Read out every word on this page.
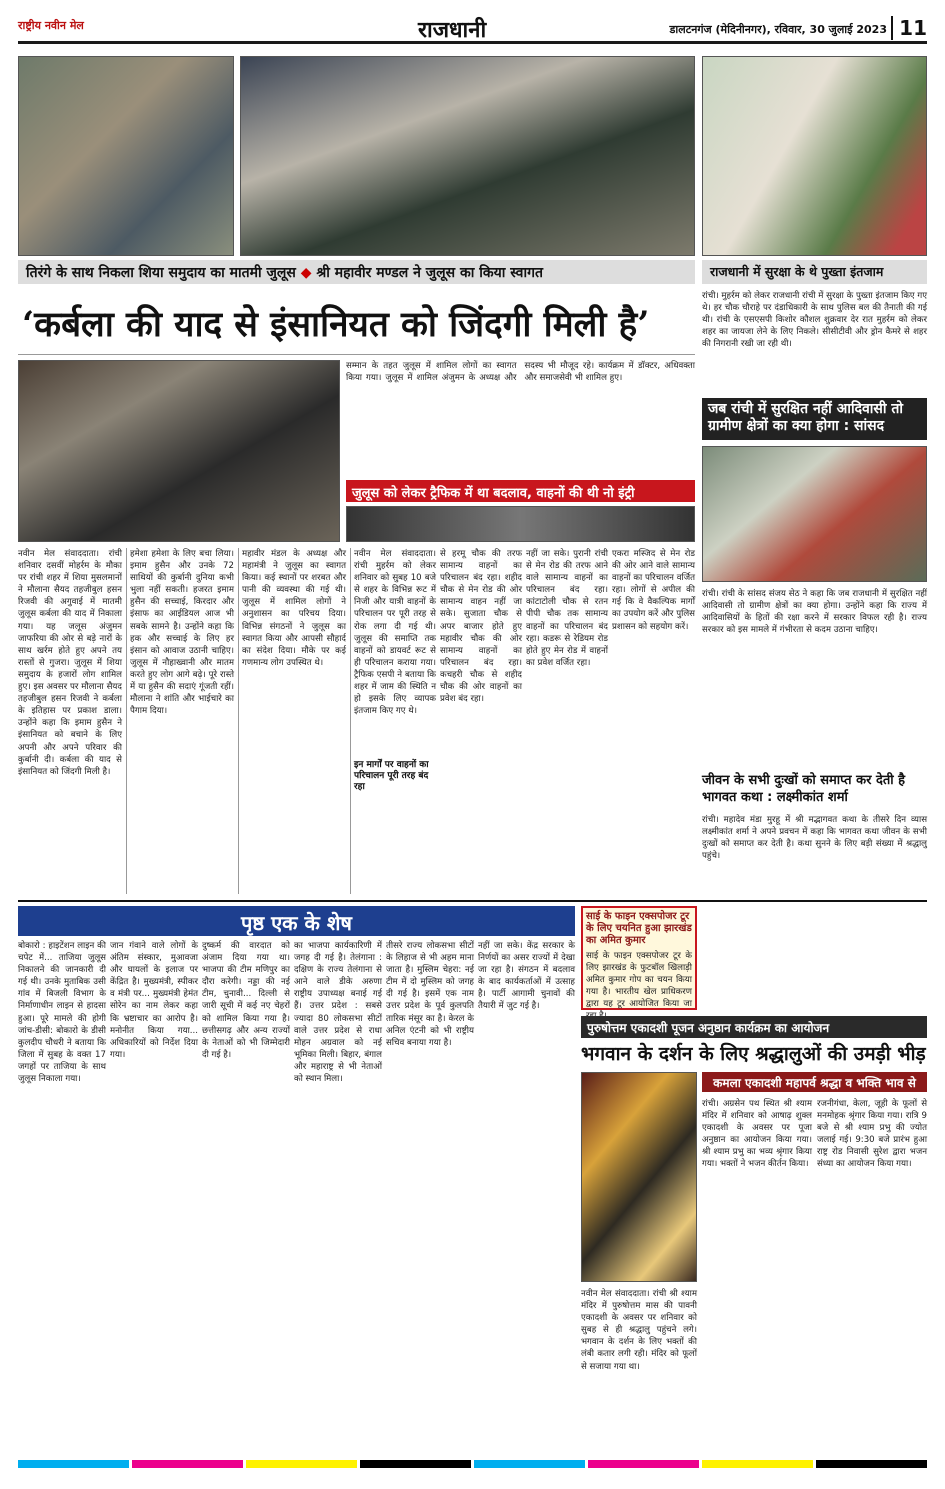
राष्ट्रीय नवीन मेल	राजधानी	डालटनगंज (मेदिनीनगर), रविवार, 30 जुलाई 2023 11
तिरंगे के साथ निकला शिया समुदाय का मातमी जुलूस ◆ श्री महावीर मण्डल ने जुलूस का किया स्वागत	राजधानी में सुरक्षा के थे पुख्ता इंतजाम
रांची। मुहर्रम को लेकर राजधानी रांची में सुरक्षा के पुख्ता इंतजाम किए गए थे। हर चौक चौराहे पर दंडाधिकारी के साथ पुलिस बल की तैनाती की गई थी। रांची के एसएसपी किशोर कौशल शुक्रवार देर रात मुहर्रम को लेकर शहर का जायजा लेने के लिए निकले। सीसीटीवी और ड्रोन कैमरे से शहर की निगरानी रखी जा रही थी।
जब रांची में सुरक्षित नहीं आदिवासी तो ग्रामीण क्षेत्रों का क्या होगा : सांसद
रांची। रांची के सांसद संजय सेठ ने कहा कि जब राजधानी में सुरक्षित नहीं आदिवासी तो ग्रामीण क्षेत्रों का क्या होगा। उन्होंने कहा कि राज्य में आदिवासियों के हितों की रक्षा करने में सरकार विफल रही है। राज्य सरकार को इस मामले में गंभीरता से कदम उठाना चाहिए।
जीवन के सभी दुःखों को समाप्त कर देती है भागवत कथा : लक्ष्मीकांत शर्मा
रांची। महादेव मंडा मुरहू में श्री मद्भागवत कथा के तीसरे दिन व्यास लक्ष्मीकांत शर्मा ने अपने प्रवचन में कहा कि भागवत कथा जीवन के सभी दुःखों को समाप्त कर देती है। कथा सुनने के लिए बड़ी संख्या में श्रद्धालु पहुंचे।
‘कर्बला की याद से इंसानियत को जिंदगी मिली है’
सम्मान के तहत जुलूस में शामिल लोगों का स्वागत किया गया। जुलूस में शामिल अंजुमन के अध्यक्ष और सदस्य भी मौजूद रहे। कार्यक्रम में डॉक्टर, अधिवक्ता और समाजसेवी भी शामिल हुए।
जुलूस को लेकर ट्रैफिक में था बदलाव, वाहनों की थी नो इंट्री
नवीन मेल संवाददाता। रांची शनिवार दसवीं मोहर्रम के मौका पर रांची शहर में शिया मुसलमानों ने मौलाना सैयद तहजीबुल हसन रिजवी की अगुवाई में मातमी जुलूस कर्बला की याद में निकाला गया। यह जलूस अंजुमन जाफरिया की ओर से बड़े नारों के साथ खर्रम होते हुए अपने तय रास्तों से गुजरा। जुलूस में शिया समुदाय के हजारों लोग शामिल हुए। इस अवसर पर मौलाना सैयद तहजीबुल हसन रिजवी ने कर्बला के इतिहास पर प्रकाश डाला। उन्होंने कहा कि इमाम हुसैन ने इंसानियत को बचाने के लिए अपनी और अपने परिवार की कुर्बानी दी। कर्बला की याद से इंसानियत को जिंदगी मिली है।
हमेशा हमेशा के लिए बचा लिया। इमाम हुसैन और उनके 72 साथियों की कुर्बानी दुनिया कभी भुला नहीं सकती। हजरत इमाम हुसैन की सच्चाई, किरदार और इंसाफ का आईडियल आज भी सबके सामने है। उन्होंने कहा कि हक और सच्चाई के लिए हर इंसान को आवाज उठानी चाहिए। जुलूस में नौहाख्वानी और मातम करते हुए लोग आगे बढ़े। पूरे रास्ते में या हुसैन की सदाएं गूंजती रहीं। मौलाना ने शांति और भाईचारे का पैगाम दिया।
महावीर मंडल के अध्यक्ष और महामंत्री ने जुलूस का स्वागत किया। कई स्थानों पर शरबत और पानी की व्यवस्था की गई थी। जुलूस में शामिल लोगों ने अनुशासन का परिचय दिया। विभिन्न संगठनों ने जुलूस का स्वागत किया और आपसी सौहार्द का संदेश दिया। मौके पर कई गणमान्य लोग उपस्थित थे।
नवीन मेल संवाददाता। रांची मुहर्रम को लेकर शनिवार को सुबह 10 बजे से शहर के विभिन्न रूट में निजी और यात्री वाहनों के परिचालन पर पूरी तरह से रोक लगा दी गई थी। जुलूस की समाप्ति तक वाहनों को डायवर्ट रूट से ही परिचालन कराया गया। ट्रैफिक एसपी ने बताया कि शहर में जाम की स्थिति न हो इसके लिए व्यापक इंतजाम किए गए थे।
इन मार्गों पर वाहनों का परिचालन पूरी तरह बंद रहा
से हरमू चौक की तरफ सामान्य वाहनों का परिचालन बंद रहा। शहीद चौक से मेन रोड की ओर सामान्य वाहन नहीं जा सके। सुजाता चौक से अपर बाजार होते हुए महावीर चौक की ओर सामान्य वाहनों का परिचालन बंद रहा। कचहरी चौक से शहीद चौक की ओर वाहनों का प्रवेश बंद रहा।
नहीं जा सके। पुरानी रांची से मेन रोड की तरफ आने वाले सामान्य वाहनों का परिचालन बंद रहा। कांटाटोली चौक से रतन पीपी चौक तक सामान्य वाहनों का परिचालन बंद रहा। कडरू से रेडियम रोड होते हुए मेन रोड में वाहनों का प्रवेश वर्जित रहा।
एकरा मस्जिद से मेन रोड की ओर आने वाले सामान्य वाहनों का परिचालन वर्जित रहा। लोगों से अपील की गई कि वे वैकल्पिक मार्गों का उपयोग करें और पुलिस प्रशासन को सहयोग करें।
पृष्ठ एक के शेष
बोकारो : हाइटेंशन लाइन की चपेट में... ताजिया जुलूस निकालने की जानकारी दी गई थी। उनके मुताबिक उसी गांव में बिजली विभाग के निर्माणाधीन लाइन से हादसा हुआ। पूरे मामले की होगी जांच-डीसी: बोकारो के डीसी कुलदीप चौधरी ने बताया कि जिला में सुबह के वक्त 17 जगहों पर ताजिया के साथ जुलूस निकाला गया।
जान गंवाने वाले लोगों के अंतिम संस्कार, मुआवजा और घायलों के इलाज पर केंद्रित है। मुख्यमंत्री, स्पीकर व मंत्री पर... मुख्यमंत्री हेमंत सोरेन का नाम लेकर कहा कि भ्रष्टाचार का आरोप है। मनोनीत किया गया... अधिकारियों को निर्देश दिया गया।
दुष्कर्म की वारदात को अंजाम दिया गया था। भाजपा की टीम मणिपुर का दौरा करेगी। नड्डा की नई टीम, चुनावी... दिल्ली से जारी सूची में कई नए चेहरों को शामिल किया गया है। छत्तीसगढ़ और अन्य राज्यों के नेताओं को भी जिम्मेदारी दी गई है।
का भाजपा कार्यकारिणी में जगह दी गई है। तेलंगाना : दक्षिण के राज्य तेलंगाना से आने वाले डीके अरुणा राष्ट्रीय उपाध्यक्ष बनाई गई हैं। उत्तर प्रदेश : सबसे ज्यादा 80 लोकसभा सीटों वाले उत्तर प्रदेश से राधा मोहन अग्रवाल को नई भूमिका मिली। बिहार, बंगाल और महाराष्ट्र से भी नेताओं को स्थान मिला।
तीसरे राज्य लोकसभा सीटों के लिहाज से भी अहम माना जाता है। मुस्लिम चेहरा: नई टीम में दो मुस्लिम को जगह दी गई है। इसमें एक नाम उत्तर प्रदेश के पूर्व कुलपति तारिक मंसूर का है। केरल के अनिल एंटनी को भी राष्ट्रीय सचिव बनाया गया है।
नहीं जा सके। केंद्र सरकार के निर्णयों का असर राज्यों में देखा जा रहा है। संगठन में बदलाव के बाद कार्यकर्ताओं में उत्साह है। पार्टी आगामी चुनावों की तैयारी में जुट गई है।
साई के फाइन एक्सपोजर टूर के लिए चयनित हुआ झारखंड का अमित कुमार
साई के फाइन एक्सपोजर टूर के लिए झारखंड के फुटबॉल खिलाड़ी अमित कुमार गोप का चयन किया गया है। भारतीय खेल प्राधिकरण द्वारा यह टूर आयोजित किया जा
पुरुषोत्तम एकादशी पूजन अनुष्ठान कार्यक्रम का आयोजन
भगवान के दर्शन के लिए श्रद्धालुओं की उमड़ी भीड़
कमला एकादशी महापर्व श्रद्धा व भक्ति भाव से आयोजित
नवीन मेल संवाददाता। रांची श्री श्याम मंदिर में पुरुषोत्तम मास की पावनी एकादशी के अवसर पर शनिवार को सुबह से ही श्रद्धालु पहुंचने लगे। भगवान के दर्शन के लिए भक्तों की लंबी कतार लगी रही। मंदिर को फूलों से सजाया गया था।
रांची। अग्रसेन पथ स्थित श्री श्याम मंदिर में शनिवार को आषाढ़ शुक्ल एकादशी के अवसर पर पूजा अनुष्ठान का आयोजन किया गया। श्री श्याम प्रभु का भव्य श्रृंगार किया गया। भक्तों ने भजन कीर्तन किया।
रजनीगंधा, केला, जूही के फूलों से मनमोहक श्रृंगार किया गया। रात्रि 9 बजे से श्री श्याम प्रभु की ज्योत जलाई गई। 9:30 बजे प्रारंभ हुआ राष्ट्र रोड निवासी सुरेश द्वारा भजन संध्या का आयोजन किया गया।
